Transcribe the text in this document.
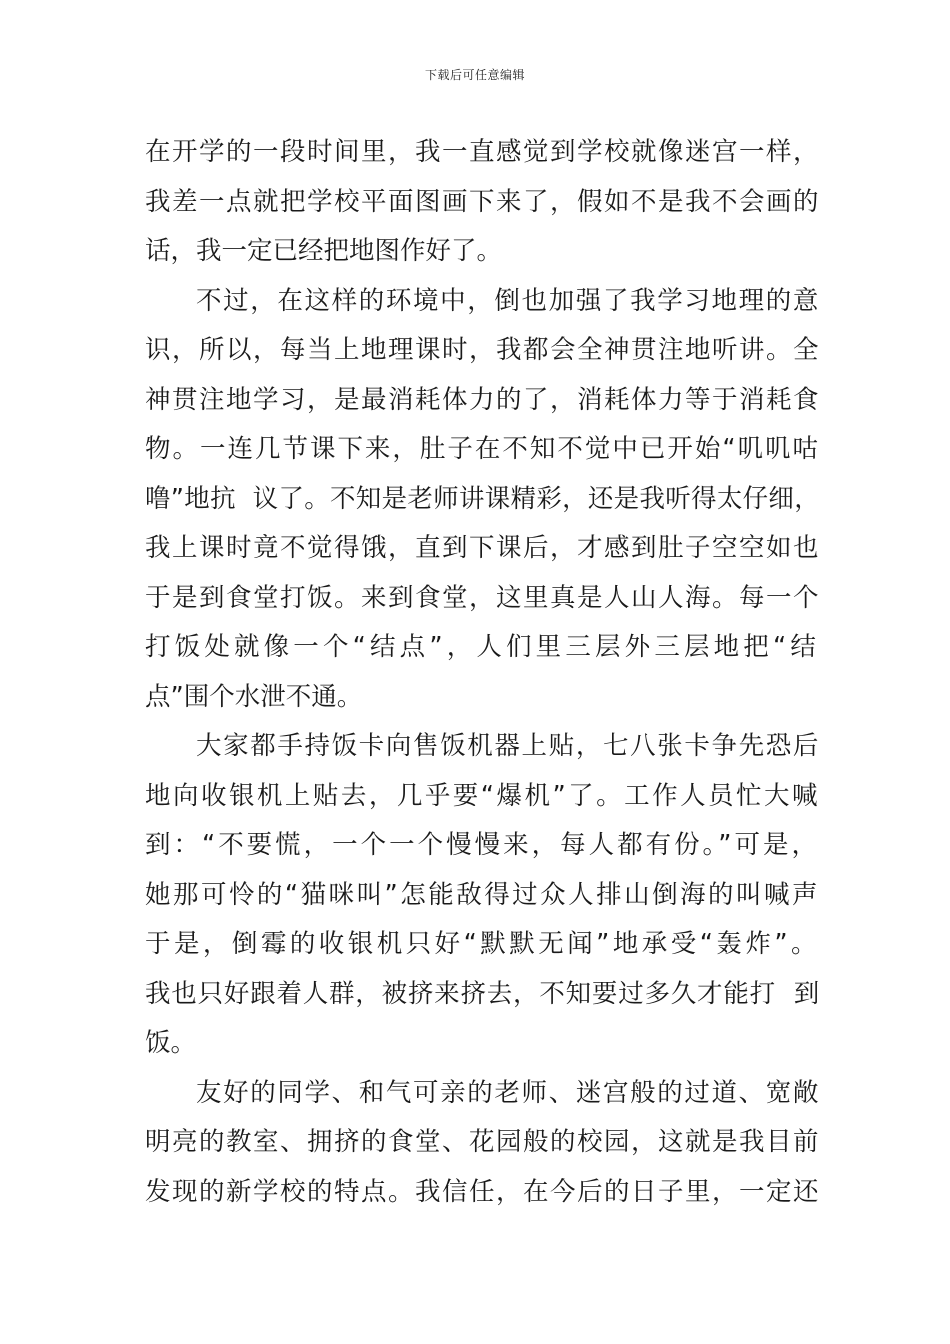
下载后可任意编辑
在开学的一段时间里，我一直感觉到学校就像迷宫一样，
我差一点就把学校平面图画下来了，假如不是我不会画的
话，我一定已经把地图作好了。
不过，在这样的环境中，倒也加强了我学习地理的意
识，所以，每当上地理课时，我都会全神贯注地听讲。全
神贯注地学习，是最消耗体力的了，消耗体力等于消耗食
物。一连几节课下来，肚子在不知不觉中已开始“叽叽咕
噜”地抗  议了。不知是老师讲课精彩，还是我听得太仔细，
我上课时竟不觉得饿，直到下课后，才感到肚子空空如也
于是到食堂打饭。来到食堂，这里真是人山人海。每一个
打饭处就像一个“结点”，人们里三层外三层地把“结
点”围个水泄不通。
大家都手持饭卡向售饭机器上贴，七八张卡争先恐后
地向收银机上贴去，几乎要“爆机”了。工作人员忙大喊
到：“不要慌，一个一个慢慢来，每人都有份。”可是，
她那可怜的“猫咪叫”怎能敌得过众人排山倒海的叫喊声
于是，倒霉的收银机只好“默默无闻”地承受“轰炸”。
我也只好跟着人群，被挤来挤去，不知要过多久才能打  到
饭。
友好的同学、和气可亲的老师、迷宫般的过道、宽敞
明亮的教室、拥挤的食堂、花园般的校园，这就是我目前
发现的新学校的特点。我信任，在今后的日子里，一定还
